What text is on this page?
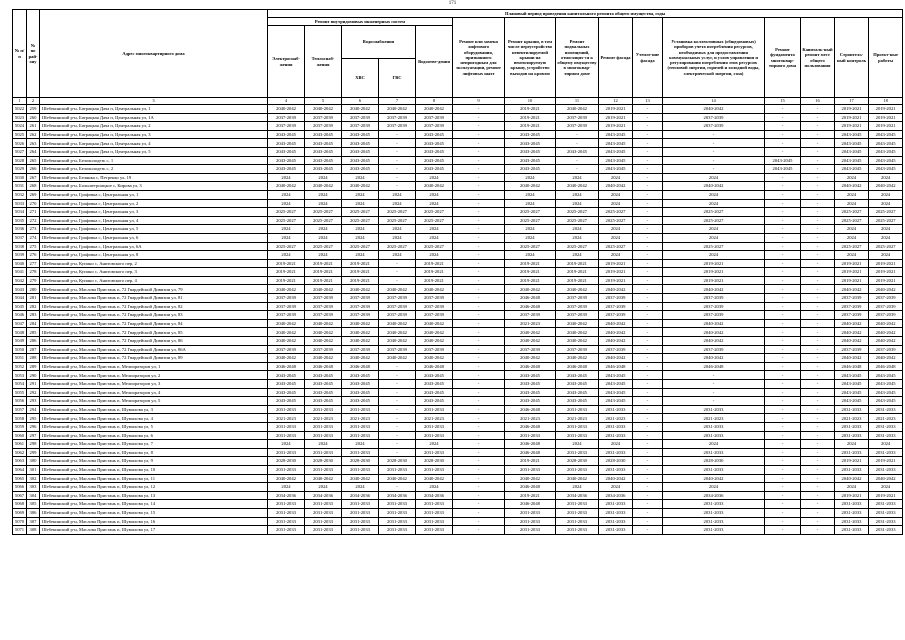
171
№ п/п	№ по рай-ону	Адрес многоквартирного дома	Плановый период проведения капитального ремонта общего имущества, годы														
			Ремонт внутридомовых инженерных систем					Ремонт или замена лифтового оборудования, признанного непригодным для эксплуатации, ремонт лифтовых шахт	Ремонт крыши, в том числе переустройство невентилируемой крыши на вентилируемую крышу, устройство выходов на кровлю	Ремонт подвальных помещений, относящих-ся к общему имуществу в многоквар-тирном доме	Ремонт фасада	Утепле-ние фасада	Установка коллективных (общедомовых) приборов учета потребления ресурсов, необходимых для предоставления коммунальных услуг, и узлов управления и регулирования потребления этих ресурсов (тепловой энергии, горячей и холодной воды, электрической энергии, газа)	Ремонт фундамента многоквар-тирного дома	Капиталь-ный ремонт мест общего пользования	Строитель-ный контроль	Проект-ные работы
			Электроснаб-жения	Теплоснаб-жения	Водоснабжения		Водоотве-дения										
					ХВС	ГВС											
1	2	3	4	5	6	7	8	9	10	11	12	13	14	15	16	17	18
5022	259	Шебекинский р-н, Батрацкая Дача п, Центральная ул, 1	2040-2042	2040-2042	2040-2042	2040-2042	2040-2042	-	2019-2021	2040-2042	2019-2021	-	2040-2042	-	-	2019-2021	2019-2021
5023	260	Шебекинский р-н, Батрацкая Дача п, Центральная ул, 1А	2037-2039	2037-2039	2037-2039	2037-2039	2037-2039	-	2019-2021	2037-2039	2019-2021	-	2037-2039	-	-	2019-2021	2019-2021
5024	261	Шебекинский р-н, Батрацкая Дача п, Центральная ул, 2	2037-2039	2037-2039	2037-2039	2037-2039	2037-2039	-	2019-2021	2037-2039	2019-2021	-	2037-2039	-	-	2019-2021	2019-2021
5025	262	Шебекинский р-н, Батрацкая Дача п, Центральная ул, 3	2043-2045	2043-2045	2043-2045	-	2043-2045	-	2043-2045	-	2043-2045	-	-	-	-	2043-2045	2043-2045
5026	263	Шебекинский р-н, Батрацкая Дача п, Центральная ул, 4	2043-2045	2043-2045	2043-2045	-	2043-2045	-	2043-2045	-	2043-2045	-	-	-	-	2043-2045	2043-2045
5027	264	Шебекинский р-н, Батрацкая Дача п, Центральная ул, 5	2043-2045	2043-2045	2043-2045	-	2043-2045	-	2043-2045	2043-2045	2043-2045	-	-	-	-	2043-2045	2043-2045
5028	265	Шебекинский р-н, Белоколодезь с, 1	2043-2045	2043-2045	2043-2045	-	2043-2045	-	2043-2045	-	2043-2045	-	-	2043-2045	-	2043-2045	2043-2045
5029	266	Шебекинский р-н, Белоколодезь с, 2	2043-2045	2043-2045	2043-2045	-	2043-2045	-	2043-2045	-	2043-2045	-	-	2043-2045	-	2043-2045	2043-2045
5030	267	Шебекинский р-н, Белянка с, Петренко ул, 19	2024	2024	2024	-	2024	-	2024	2024	2024	-	2024	-	-	2024	2024
5031	268	Шебекинский р-н, Большетроицкое с, Кирова ул, 3	2040-2042	2040-2042	2040-2042	-	2040-2042	-	2040-2042	2040-2042	2040-2042	-	2040-2042	-	-	2040-2042	2040-2042
5032	269	Шебекинский р-н, Графовка с, Центральная ул, 1	2024	2024	2024	2024	2024	-	2024	2024	2024	-	2024	-	-	2024	2024
5033	270	Шебекинский р-н, Графовка с, Центральная ул, 2	2024	2024	2024	2024	2024	-	2024	2024	2024	-	2024	-	-	2024	2024
5034	271	Шебекинский р-н, Графовка с, Центральная ул, 3	2025-2027	2025-2027	2025-2027	2025-2027	2025-2027	-	2025-2027	2025-2027	2025-2027	-	2025-2027	-	-	2025-2027	2025-2027
5035	272	Шебекинский р-н, Графовка с, Центральная ул, 4	2025-2027	2025-2027	2025-2027	2025-2027	2025-2027	-	2025-2027	2025-2027	2025-2027	-	2025-2027	-	-	2025-2027	2025-2027
5036	273	Шебекинский р-н, Графовка с, Центральная ул, 5	2024	2024	2024	2024	2024	-	2024	2024	2024	-	2024	-	-	2024	2024
5037	274	Шебекинский р-н, Графовка с, Центральная ул, 6	2024	2024	2024	2024	2024	-	2024	2024	2024	-	2024	-	-	2024	2024
5038	275	Шебекинский р-н, Графовка с, Центральная ул, 6А	2025-2027	2025-2027	2025-2027	2025-2027	2025-2027	-	2025-2027	2025-2027	2025-2027	-	2025-2027	-	-	2025-2027	2025-2027
5039	276	Шебекинский р-н, Графовка с, Центральная ул, 8	2024	2024	2024	2024	2024	-	2024	2024	2024	-	2024	-	-	2024	2024
5040	277	Шебекинский р-н, Купино с, Анитовского пер, 2	2019-2021	2019-2021	2019-2021	-	2019-2021	-	2019-2021	2019-2021	2019-2021	-	2019-2021	-	-	2019-2021	2019-2021
5041	278	Шебекинский р-н, Купино с, Анитовского пер, 3	2019-2021	2019-2021	2019-2021	-	2019-2021	-	2019-2021	2019-2021	2019-2021	-	2019-2021	-	-	2019-2021	2019-2021
5042	279	Шебекинский р-н, Купино с, Анитовского пер, 4	2019-2021	2019-2021	2019-2021	-	2019-2021	-	2019-2021	2019-2021	2019-2021	-	2019-2021	-	-	2019-2021	2019-2021
5043	280	Шебекинский р-н, Маслова Пристань п, 72 Гвардейской Дивизии ул, 79	2040-2042	2040-2042	2040-2042	2040-2042	2040-2042	-	2040-2042	2040-2042	2040-2042	-	2040-2042	-	-	2040-2042	2040-2042
5044	281	Шебекинский р-н, Маслова Пристань п, 72 Гвардейской Дивизии ул, 81	2037-2039	2037-2039	2037-2039	2037-2039	2037-2039	-	2046-2048	2037-2039	2037-2039	-	2037-2039	-	-	2037-2039	2037-2039
5045	282	Шебекинский р-н, Маслова Пристань п, 72 Гвардейской Дивизии ул, 82	2037-2039	2037-2039	2037-2039	2037-2039	2037-2039	-	2046-2048	2037-2039	2037-2039	-	2037-2039	-	-	2037-2039	2037-2039
5046	283	Шебекинский р-н, Маслова Пристань п, 72 Гвардейской Дивизии ул, 83	2037-2039	2037-2039	2037-2039	2037-2039	2037-2039	-	2037-2039	2037-2039	2037-2039	-	2037-2039	-	-	2037-2039	2037-2039
5047	284	Шебекинский р-н, Маслова Пристань п, 72 Гвардейской Дивизии ул, 84	2040-2042	2040-2042	2040-2042	2040-2042	2040-2042	-	2021-2023	2040-2042	2040-2042	-	2040-2042	-	-	2040-2042	2040-2042
5048	285	Шебекинский р-н, Маслова Пристань п, 72 Гвардейской Дивизии ул, 85	2040-2042	2040-2042	2040-2042	2040-2042	2040-2042	-	2040-2042	2040-2042	2040-2042	-	2040-2042	-	-	2040-2042	2040-2042
5049	286	Шебекинский р-н, Маслова Пристань п, 72 Гвардейской Дивизии ул, 86	2040-2042	2040-2042	2040-2042	2040-2042	2040-2042	-	2040-2042	2040-2042	2040-2042	-	2040-2042	-	-	2040-2042	2040-2042
5050	287	Шебекинский р-н, Маслова Пристань п, 72 Гвардейской Дивизии ул, 86А	2037-2039	2037-2039	2037-2039	2037-2039	2037-2039	-	2037-2039	2037-2039	2037-2039	-	2037-2039	-	-	2037-2039	2037-2039
5051	288	Шебекинский р-н, Маслова Пристань п, 72 Гвардейской Дивизии ул, 89	2040-2042	2040-2042	2040-2042	2040-2042	2040-2042	-	2040-2042	2040-2042	2040-2042	-	2040-2042	-	-	2040-2042	2040-2042
5052	289	Шебекинский р-н, Маслова Пристань п, Мелиораторов ул, 1	2046-2048	2046-2048	2046-2048	-	2046-2048	-	2046-2048	2046-2048	2046-2048	-	2046-2048	-	-	2046-2048	2046-2048
5053	290	Шебекинский р-н, Маслова Пристань п, Мелиораторов ул, 2	2043-2045	2043-2045	2043-2045	-	2043-2045	-	2043-2045	2043-2045	2043-2045	-	-	-	-	2043-2045	2043-2045
5054	291	Шебекинский р-н, Маслова Пристань п, Мелиораторов ул, 3	2043-2045	2043-2045	2043-2045	-	2043-2045	-	2043-2045	2043-2045	2043-2045	-	-	-	-	2043-2045	2043-2045
5055	292	Шебекинский р-н, Маслова Пристань п, Мелиораторов ул, 4	2043-2045	2043-2045	2043-2045	-	2043-2045	-	2043-2045	2043-2045	2043-2045	-	-	-	-	2043-2045	2043-2045
5056	293	Шебекинский р-н, Маслова Пристань п, Мелиораторов ул, 5	2043-2045	2043-2045	2043-2045	-	2043-2045	-	2043-2045	2043-2045	2043-2045	-	-	-	-	2043-2045	2043-2045
5057	294	Шебекинский р-н, Маслова Пристань п, Шумилова ул, 3	2031-2033	2031-2033	2031-2033	-	2031-2033	-	2046-2048	2031-2033	2031-2033	-	2031-2033	-	-	2031-2033	2031-2033
5058	295	Шебекинский р-н, Маслова Пристань п, Шумилова ул, 4	2021-2023	2021-2023	2021-2023	-	2021-2023	-	2021-2023	2021-2023	2021-2023	-	2021-2023	-	-	2021-2023	2021-2023
5059	296	Шебекинский р-н, Маслова Пристань п, Шумилова ул, 5	2031-2033	2031-2033	2031-2033	-	2031-2033	-	2046-2048	2031-2033	2031-2033	-	2031-2033	-	-	2031-2033	2031-2033
5060	297	Шебекинский р-н, Маслова Пристань п, Шумилова ул, 6	2031-2033	2031-2033	2031-2033	-	2031-2033	-	2031-2033	2031-2033	2031-2033	-	2031-2033	-	-	2031-2033	2031-2033
5061	298	Шебекинский р-н, Маслова Пристань п, Шумилова ул, 7	2024	2024	2024	-	2024	-	2046-2048	2024	2024	-	2024	-	-	2024	2024
5062	299	Шебекинский р-н, Маслова Пристань п, Шумилова ул, 8	2031-2033	2031-2033	2031-2033	-	2031-2033	-	2046-2048	2031-2033	2031-2033	-	2031-2033	-	-	2031-2033	2031-2033
5063	300	Шебекинский р-н, Маслова Пристань п, Шумилова ул, 9	2028-2030	2028-2030	2028-2030	2028-2030	2028-2030	-	2019-2021	2028-2030	2028-2030	-	2028-2030	-	-	2019-2021	2019-2021
5064	301	Шебекинский р-н, Маслова Пристань п, Шумилова ул, 10	2031-2033	2031-2033	2031-2033	2031-2033	2031-2033	-	2031-2033	2031-2033	2031-2033	-	2031-2033	-	-	2031-2033	2031-2033
5065	302	Шебекинский р-н, Маслова Пристань п, Шумилова ул, 11	2040-2042	2040-2042	2040-2042	2040-2042	2040-2042	-	2040-2042	2040-2042	2040-2042	-	2040-2042	-	-	2040-2042	2040-2042
5066	303	Шебекинский р-н, Маслова Пристань п, Шумилова ул, 12	2024	2024	2024	-	2024	-	2046-2048	2024	2024	-	2024	-	-	2024	2024
5067	304	Шебекинский р-н, Маслова Пристань п, Шумилова ул, 13	2034-2036	2034-2036	2034-2036	2034-2036	2034-2036	-	2019-2021	2034-2036	2034-2036	-	2034-2036	-	-	2019-2021	2019-2021
5068	305	Шебекинский р-н, Маслова Пристань п, Шумилова ул, 14	2031-2033	2031-2033	2031-2033	2031-2033	2031-2033	-	2046-2048	2031-2033	2031-2033	-	2031-2033	-	-	2031-2033	2031-2033
5069	306	Шебекинский р-н, Маслова Пристань п, Шумилова ул, 15	2031-2033	2031-2033	2031-2033	2031-2033	2031-2033	-	2031-2033	2031-2033	2031-2033	-	2031-2033	-	-	2031-2033	2031-2033
5070	307	Шебекинский р-н, Маслова Пристань п, Шумилова ул, 16	2031-2033	2031-2033	2031-2033	2031-2033	2031-2033	-	2031-2033	2031-2033	2031-2033	-	2031-2033	-	-	2031-2033	2031-2033
5071	308	Шебекинский р-н, Маслова Пристань п, Шумилова ул, 17	2031-2033	2031-2033	2031-2033	2031-2033	2031-2033	-	2031-2033	2031-2033	2031-2033	-	2031-2033	-	-	2031-2033	2031-2033
